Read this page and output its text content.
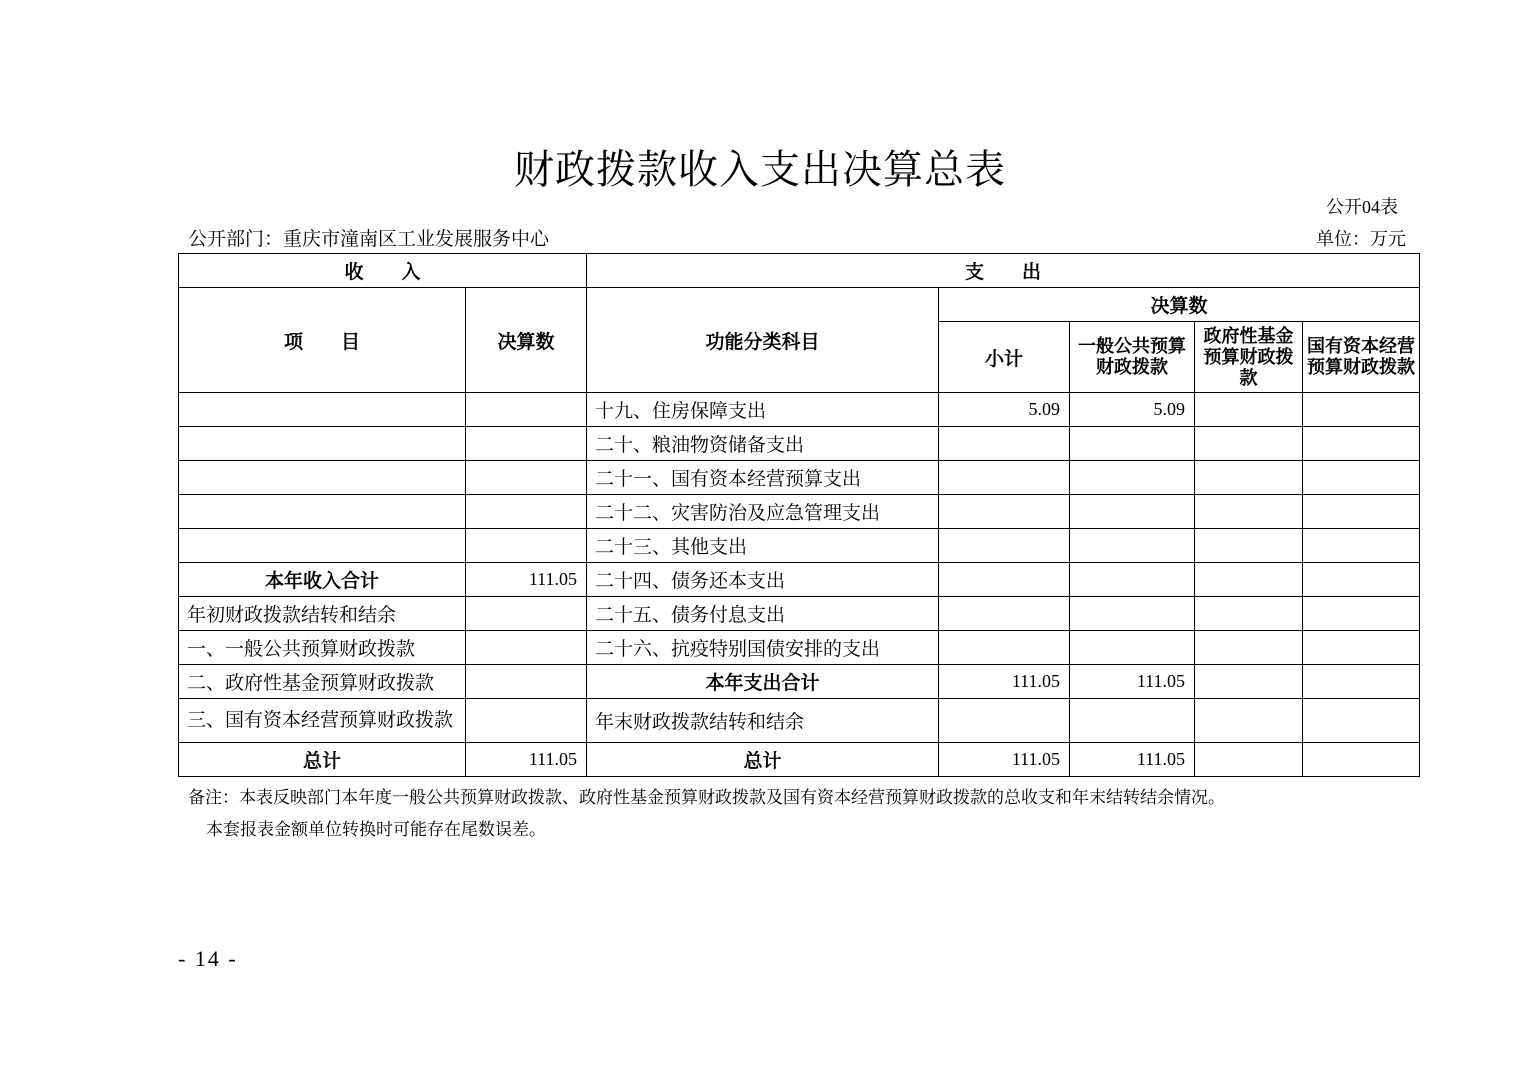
财政拨款收入支出决算总表
公开04表
公开部门：重庆市潼南区工业发展服务中心	单位：万元
收　　入		支　　出				
项　　目	决算数	功能分类科目	决算数			
			小计	一般公共预算财政拨款	政府性基金预算财政拨款	国有资本经营预算财政拨款
		十九、住房保障支出	5.09	5.09		
		二十、粮油物资储备支出				
		二十一、国有资本经营预算支出				
		二十二、灾害防治及应急管理支出				
		二十三、其他支出				
本年收入合计	111.05	二十四、债务还本支出				
年初财政拨款结转和结余		二十五、债务付息支出				
一、一般公共预算财政拨款		二十六、抗疫特别国债安排的支出				
二、政府性基金预算财政拨款		本年支出合计	111.05	111.05		
三、国有资本经营预算财政拨款		年末财政拨款结转和结余				
总计	111.05	总计	111.05	111.05		
备注：本表反映部门本年度一般公共预算财政拨款、政府性基金预算财政拨款及国有资本经营预算财政拨款的总收支和年末结转结余情况。
本套报表金额单位转换时可能存在尾数误差。
- 14 -
